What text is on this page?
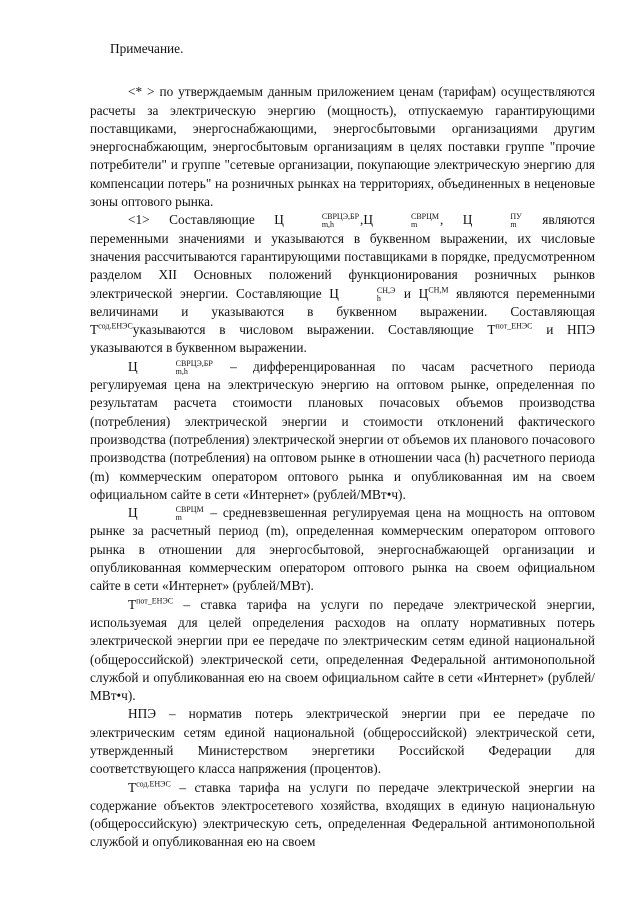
Примечание.

<* > по утверждаемым данным приложением ценам (тарифам) осуществляются расчеты за электрическую энергию (мощность), отпускаемую гарантирующими поставщиками, энергоснабжающими, энергосбытовыми организациями другим энергоснабжающим, энергосбытовым организациям в целях поставки группе "прочие потребители" и группе "сетевые организации, покупающие электрическую энергию для компенсации потерь" на розничных рынках на территориях, объединенных в неценовые зоны оптового рынка.

<1> Составляющие Ц	СВРЦЭ,БР
m,h	,Ц	СВРЦМ
m	, Ц	ПУ
m	являются переменными значениями и указываются в буквенном выражении, их числовые значения рассчитываются гарантирующими поставщиками в порядке, предусмотренном разделом XII Основных положений функционирования розничных рынков электрической энергии. Составляющие Ц	СН,Э
h	и $Ц^{СН,М}$ являются переменными величинами и указываются в буквенном выражении. Составляющая $Т^{сод.ЕНЭС}указываются$ в числовом выражении. Составляющие $Т^{пот\_ЕНЭС}$ и НПЭ указываются в буквенном выражении.

Ц	СВРЦЭ,БР
m,h	– дифференцированная по часам расчетного периода регулируемая цена на электрическую энергию на оптовом рынке, определенная по результатам расчета стоимости плановых почасовых объемов производства (потребления) электрической энергии и стоимости отклонений фактического производства (потребления) электрической энергии от объемов их планового почасового производства (потребления) на оптовом рынке в отношении часа (h) расчетного периода (m) коммерческим оператором оптового рынка и опубликованная им на своем официальном сайте в сети «Интернет» (рублей/МВт•ч).

Ц	СВРЦМ
m	– средневзвешенная регулируемая цена на мощность на оптовом рынке за расчетный период (m), определенная коммерческим оператором оптового рынка в отношении для энергосбытовой, энергоснабжающей организации и опубликованная коммерческим оператором оптового рынка на своем официальном сайте в сети «Интернет» (рублей/МВт).

$Т^{пот\_ЕНЭС}$ – ставка тарифа на услуги по передаче электрической энергии, используемая для целей определения расходов на оплату нормативных потерь электрической энергии при ее передаче по электрическим сетям единой национальной (общероссийской) электрической сети, определенная Федеральной антимонопольной службой и опубликованная ею на своем официальном сайте в сети «Интернет» (рублей/МВт•ч).

НПЭ – норматив потерь электрической энергии при ее передаче по электрическим сетям единой национальной (общероссийской) электрической сети, утвержденный Министерством энергетики Российской Федерации для соответствующего класса напряжения (процентов).

$Т^{сод.ЕНЭС}$ – ставка тарифа на услуги по передаче электрической энергии на содержание объектов электросетевого хозяйства, входящих в единую национальную (общероссийскую) электрическую сеть, определенная Федеральной антимонопольной службой и опубликованная ею на своем
